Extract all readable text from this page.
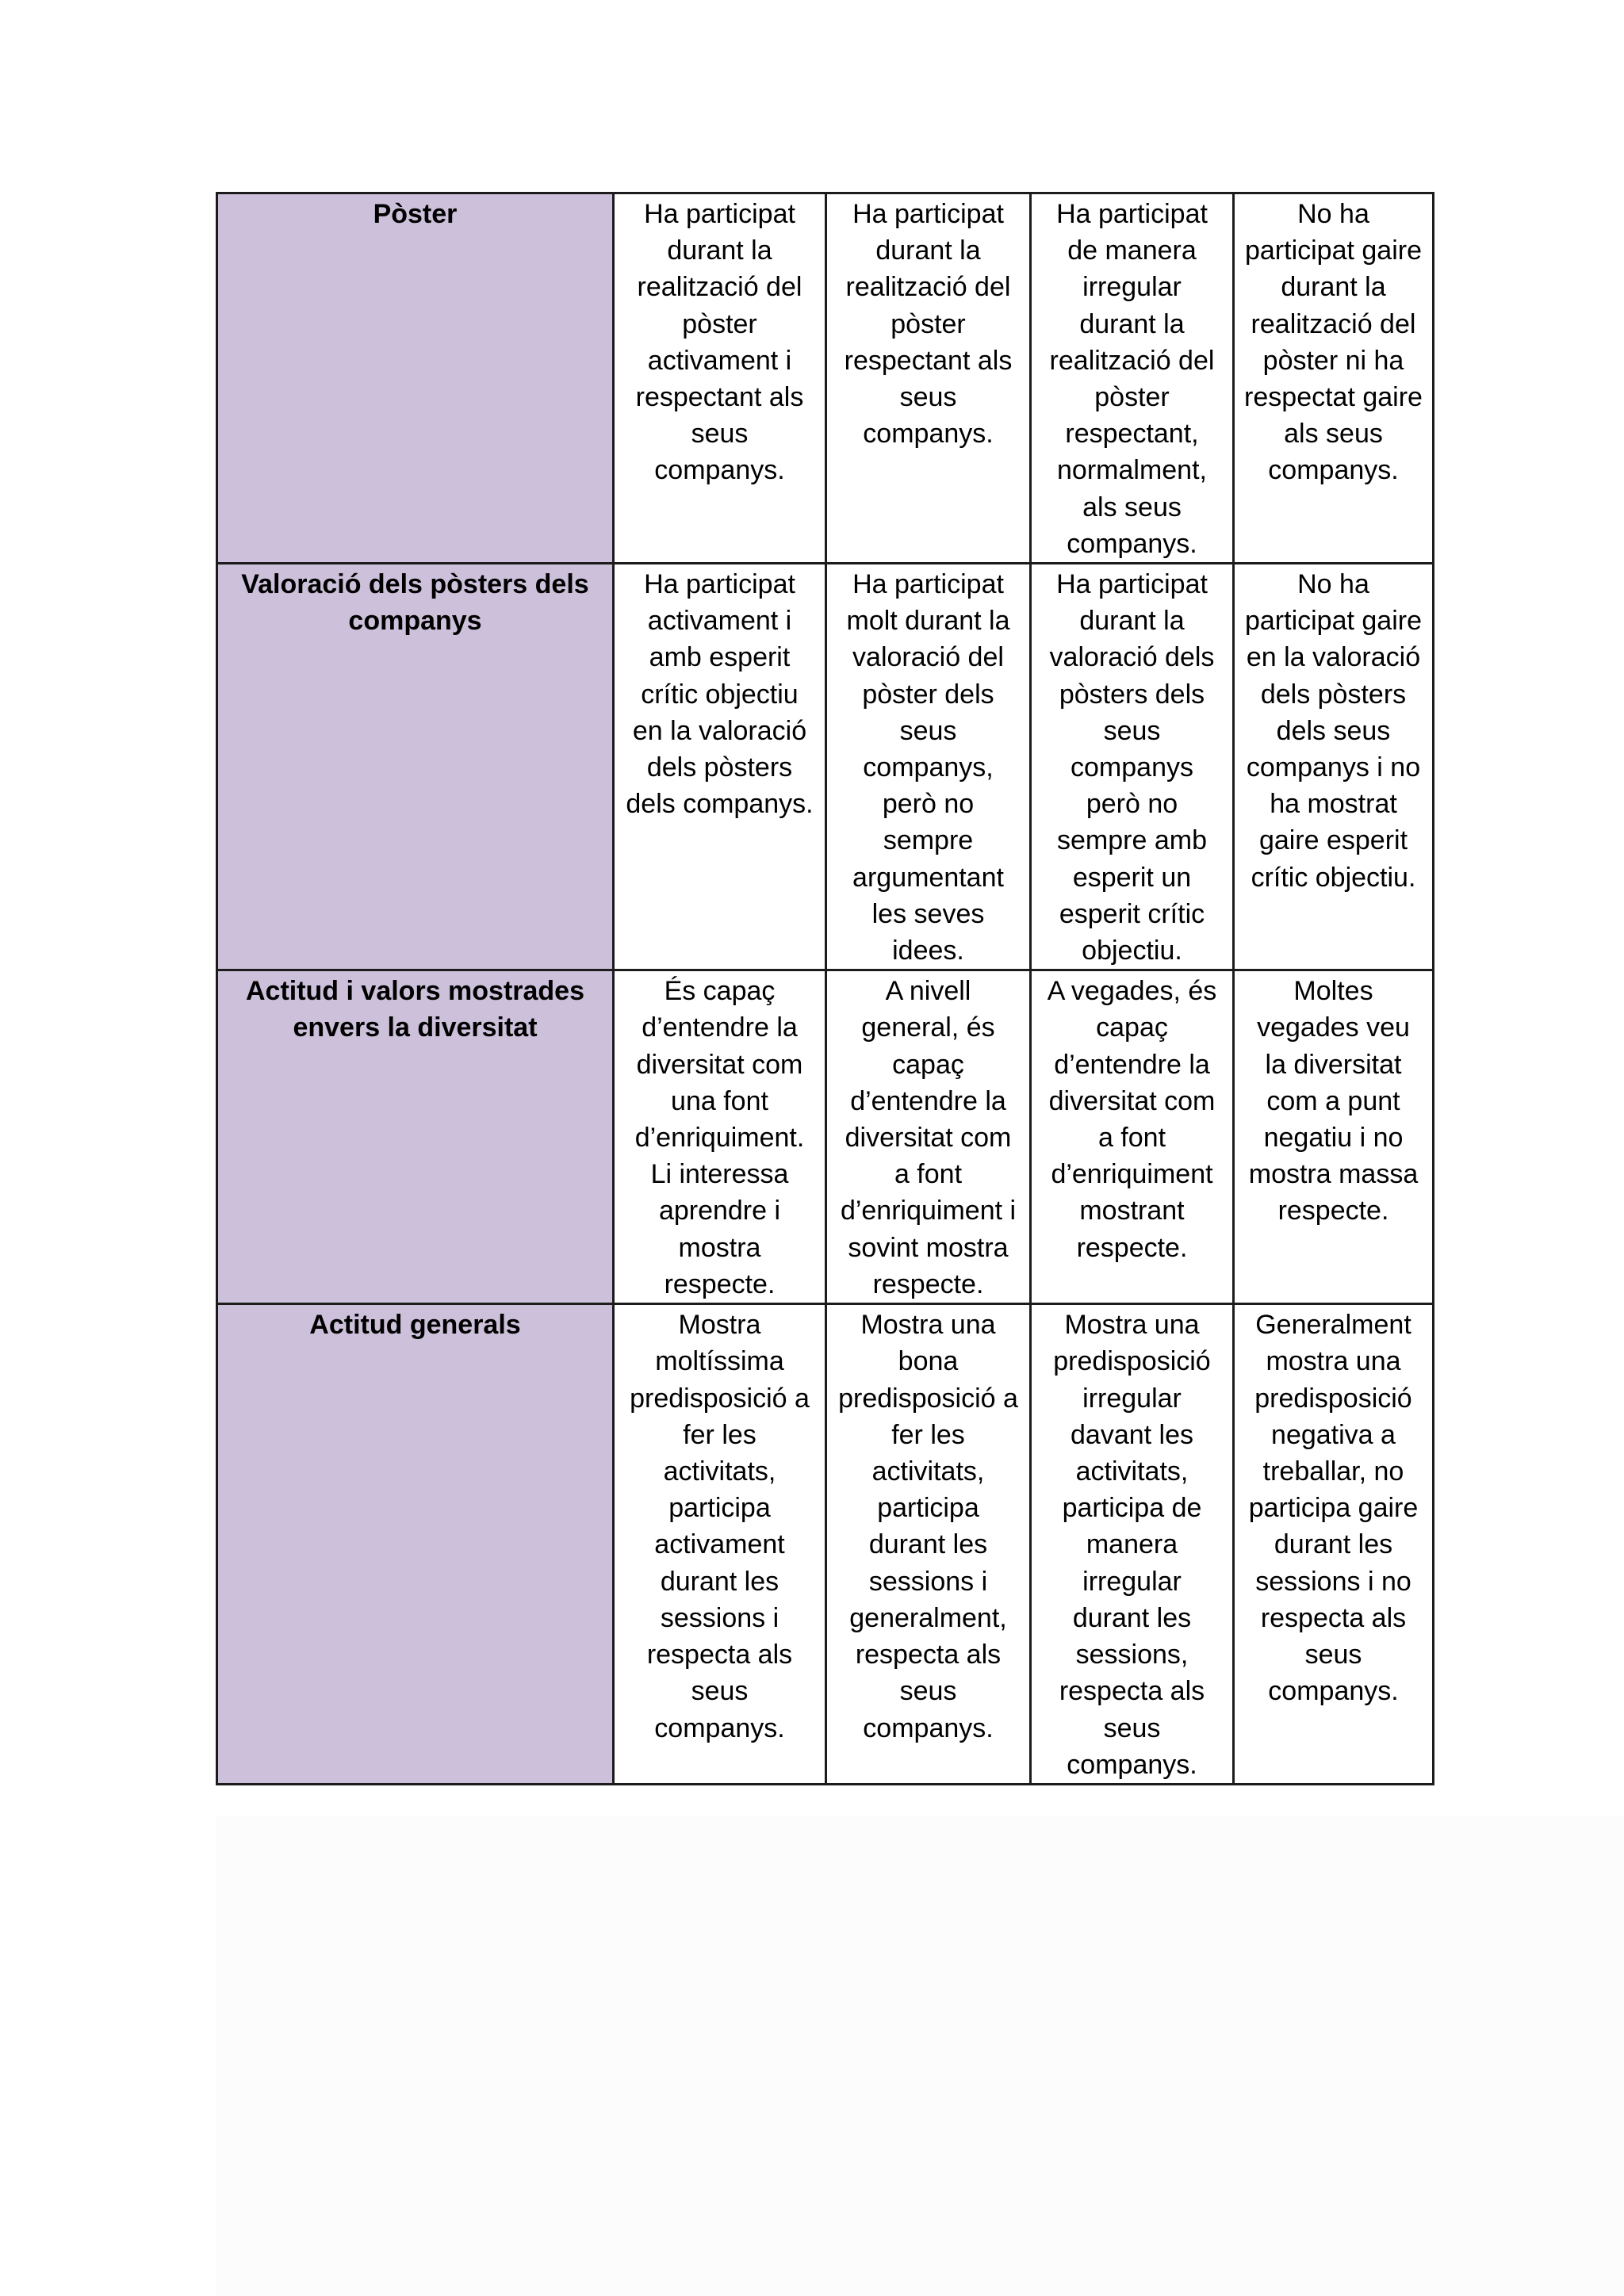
Pòster	Ha participat durant la realització del pòster activament i respectant als seus companys.	Ha participat durant la realització del pòster respectant als seus companys.	Ha participat de manera irregular durant la realització del pòster respectant, normalment, als seus companys.	No ha participat gaire durant la realització del pòster ni ha respectat gaire als seus companys.
Valoració dels pòsters dels companys	Ha participat activament i amb esperit crític objectiu en la valoració dels pòsters dels companys.	Ha participat molt durant la valoració del pòster dels seus companys, però no sempre argumentant les seves idees.	Ha participat durant la valoració dels pòsters dels seus companys però no sempre amb esperit un esperit crític objectiu.	No ha participat gaire en la valoració dels pòsters dels seus companys i no ha mostrat gaire esperit crític objectiu.
Actitud i valors mostrades envers la diversitat	És capaç d’entendre la diversitat com una font d’enriquiment. Li interessa aprendre i mostra respecte.	A nivell general, és capaç d’entendre la diversitat com a font d’enriquiment i sovint mostra respecte.	A vegades, és capaç d’entendre la diversitat com a font d’enriquiment mostrant respecte.	Moltes vegades veu la diversitat com a punt negatiu i no mostra massa respecte.
Actitud generals	Mostra moltíssima predisposició a fer les activitats, participa activament durant les sessions i respecta als seus companys.	Mostra una bona predisposició a fer les activitats, participa durant les sessions i generalment, respecta als seus companys.	Mostra una predisposició irregular davant les activitats, participa de manera irregular durant les sessions, respecta als seus companys.	Generalment mostra una predisposició negativa a treballar, no participa gaire durant les sessions i no respecta als seus companys.
